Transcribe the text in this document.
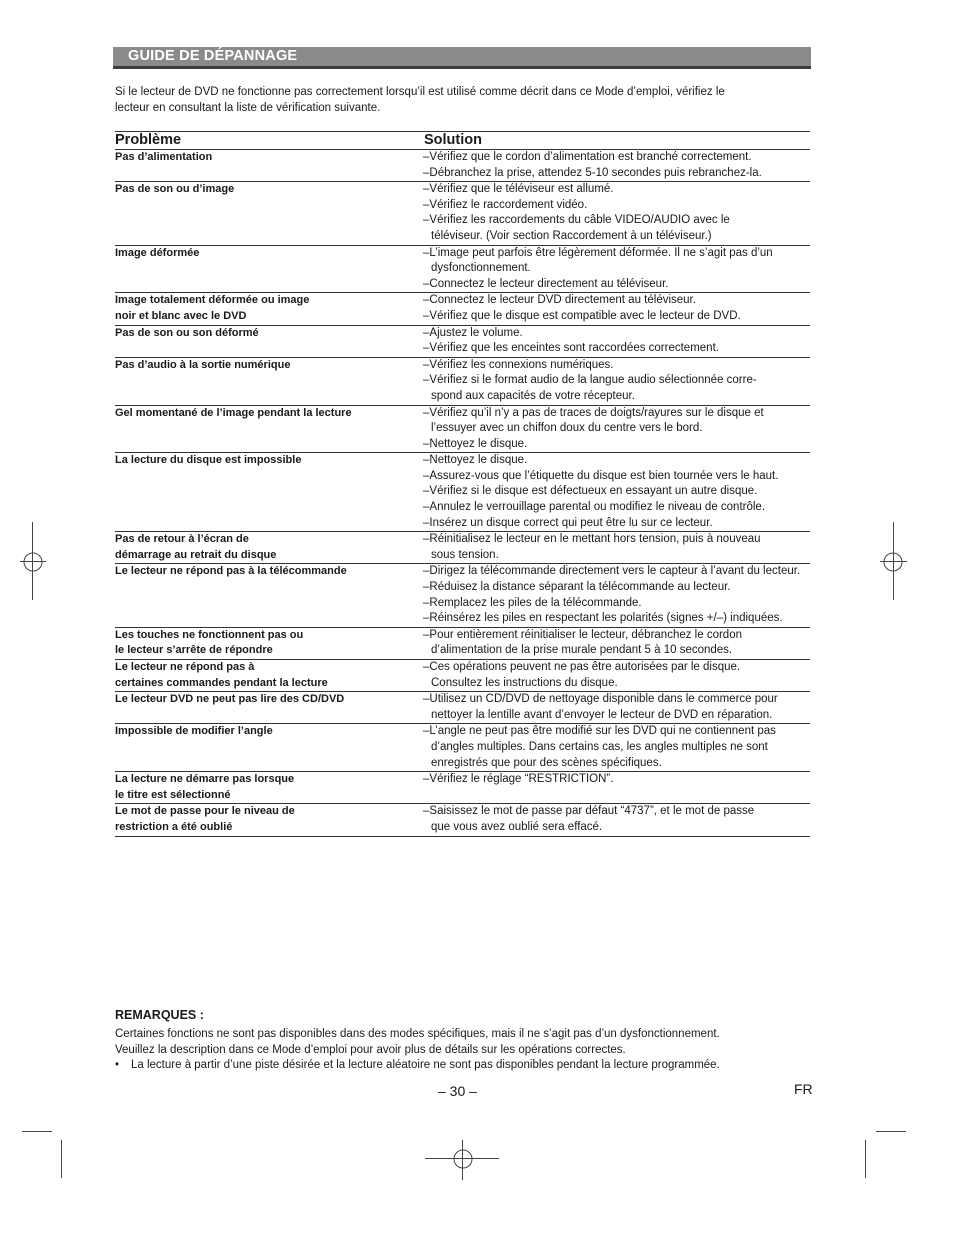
GUIDE DE DÉPANNAGE
Si le lecteur de DVD ne fonctionne pas correctement lorsqu’il est utilisé comme décrit dans ce Mode d’emploi, vérifiez le
lecteur en consultant la liste de vérification suivante.
Problème	Solution
Pas d’alimentation	–Vérifiez que le cordon d’alimentation est branché correctement.
–Débranchez la prise, attendez 5-10 secondes puis rebranchez-la.
Pas de son ou d’image	–Vérifiez que le téléviseur est allumé.
–Vérifiez le raccordement vidéo.
–Vérifiez les raccordements du câble VIDEO/AUDIO avec le
téléviseur. (Voir section Raccordement à un téléviseur.)
Image déformée	–L’image peut parfois être légèrement déformée. Il ne s’agit pas d’un
dysfonctionnement.
–Connectez le lecteur directement au téléviseur.
Image totalement déformée ou image
noir et blanc avec le DVD
–Connectez le lecteur DVD directement au téléviseur.
–Vérifiez que le disque est compatible avec le lecteur de DVD.
Pas de son ou son déformé	–Ajustez le volume.
–Vérifiez que les enceintes sont raccordées correctement.
Pas d’audio à la sortie numérique	–Vérifiez les connexions numériques.
–Vérifiez si le format audio de la langue audio sélectionnée corre-
spond aux capacités de votre récepteur.
Gel momentané de l’image pendant la lecture	–Vérifiez qu’il n’y a pas de traces de doigts/rayures sur le disque et
l’essuyer avec un chiffon doux du centre vers le bord.
–Nettoyez le disque.
La lecture du disque est impossible	–Nettoyez le disque.
–Assurez-vous que l’étiquette du disque est bien tournée vers le haut.
–Vérifiez si le disque est défectueux en essayant un autre disque.
–Annulez le verrouillage parental ou modifiez le niveau de contrôle.
–Insérez un disque correct qui peut être lu sur ce lecteur.
Pas de retour à l’écran de
démarrage au retrait du disque
–Réinitialisez le lecteur en le mettant hors tension, puis à nouveau
sous tension.
Le lecteur ne répond pas à la télécommande	–Dirigez la télécommande directement vers le capteur à l’avant du lecteur.
–Réduisez la distance séparant la télécommande au lecteur.
–Remplacez les piles de la télécommande.
–Réinsérez les piles en respectant les polarités (signes +/–) indiquées.
Les touches ne fonctionnent pas ou
le lecteur s’arrête de répondre
–Pour entièrement réinitialiser le lecteur, débranchez le cordon
d’alimentation de la prise murale pendant 5 à 10 secondes.
Le lecteur ne répond pas à
certaines commandes pendant la lecture
–Ces opérations peuvent ne pas être autorisées par le disque.
Consultez les instructions du disque.
Le lecteur DVD ne peut pas lire des CD/DVD	–Utilisez un CD/DVD de nettoyage disponible dans le commerce pour
nettoyer la lentille avant d’envoyer le lecteur de DVD en réparation.
Impossible de modifier l’angle	–L’angle ne peut pas être modifié sur les DVD qui ne contiennent pas
d’angles multiples. Dans certains cas, les angles multiples ne sont
enregistrés que pour des scènes spécifiques.
La lecture ne démarre pas lorsque
le titre est sélectionné
–Vérifiez le réglage “RESTRICTION”.
Le mot de passe pour le niveau de
restriction a été oublié
–Saisissez le mot de passe par défaut “4737”, et le mot de passe
que vous avez oublié sera effacé.
REMARQUES :
Certaines fonctions ne sont pas disponibles dans des modes spécifiques, mais il ne s’agit pas d’un dysfonctionnement.
Veuillez la description dans ce Mode d’emploi pour avoir plus de détails sur les opérations correctes.
• La lecture à partir d’une piste désirée et la lecture aléatoire ne sont pas disponibles pendant la lecture programmée.
– 30 –	FR
